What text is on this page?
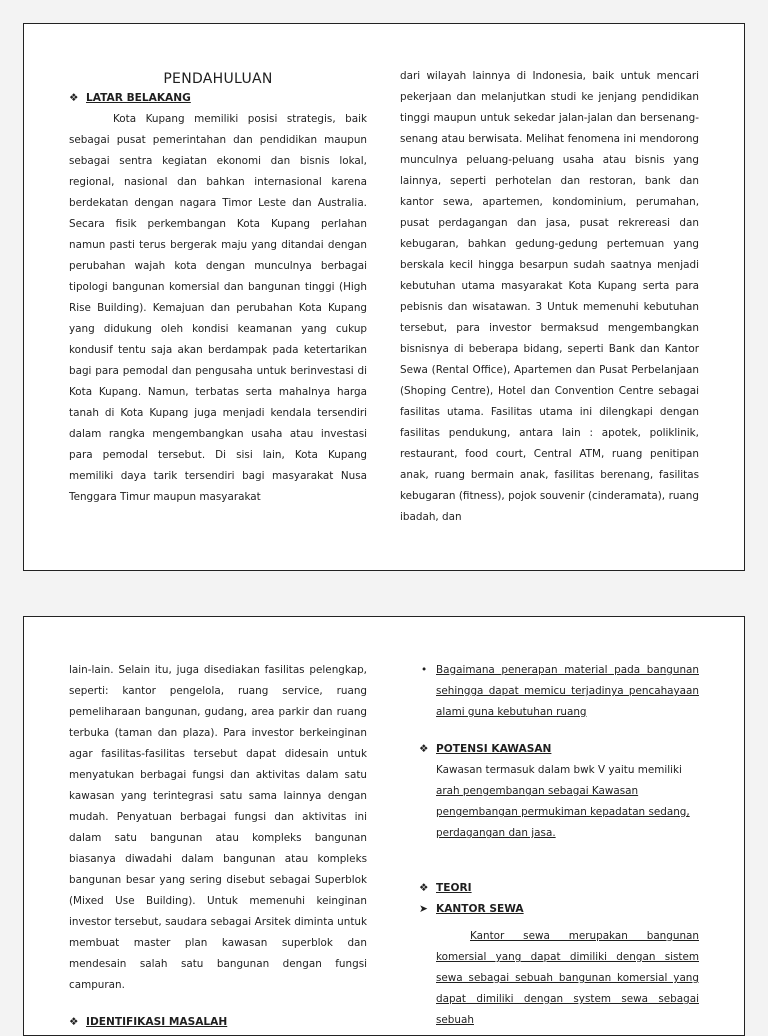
PENDAHULUAN

❖ LATAR BELAKANG

Kota Kupang memiliki posisi strategis, baik sebagai pusat pemerintahan dan pendidikan maupun sebagai sentra kegiatan ekonomi dan bisnis lokal, regional, nasional dan bahkan internasional karena berdekatan dengan nagara Timor Leste dan Australia. Secara fisik perkembangan Kota Kupang perlahan namun pasti terus bergerak maju yang ditandai dengan perubahan wajah kota dengan munculnya berbagai tipologi bangunan komersial dan bangunan tinggi (High Rise Building). Kemajuan dan perubahan Kota Kupang yang didukung oleh kondisi keamanan yang cukup kondusif tentu saja akan berdampak pada ketertarikan bagi para pemodal dan pengusaha untuk berinvestasi di Kota Kupang. Namun, terbatas serta mahalnya harga tanah di Kota Kupang juga menjadi kendala tersendiri dalam rangka mengembangkan usaha atau investasi para pemodal tersebut. Di sisi lain, Kota Kupang memiliki daya tarik tersendiri bagi masyarakat Nusa Tenggara Timur maupun masyarakat

dari wilayah lainnya di Indonesia, baik untuk mencari pekerjaan dan melanjutkan studi ke jenjang pendidikan tinggi maupun untuk sekedar jalan-jalan dan bersenang-senang atau berwisata. Melihat fenomena ini mendorong munculnya peluang-peluang usaha atau bisnis yang lainnya, seperti perhotelan dan restoran, bank dan kantor sewa, apartemen, kondominium, perumahan, pusat perdagangan dan jasa, pusat rekrereasi dan kebugaran, bahkan gedung-gedung pertemuan yang berskala kecil hingga besarpun sudah saatnya menjadi kebutuhan utama masyarakat Kota Kupang serta para pebisnis dan wisatawan. 3 Untuk memenuhi kebutuhan tersebut, para investor bermaksud mengembangkan bisnisnya di beberapa bidang, seperti Bank dan Kantor Sewa (Rental Office), Apartemen dan Pusat Perbelanjaan (Shoping Centre), Hotel dan Convention Centre sebagai fasilitas utama. Fasilitas utama ini dilengkapi dengan fasilitas pendukung, antara lain : apotek, poliklinik, restaurant, food court, Central ATM, ruang penitipan anak, ruang bermain anak, fasilitas berenang, fasilitas kebugaran (fitness), pojok souvenir (cinderamata), ruang ibadah, dan

lain-lain. Selain itu, juga disediakan fasilitas pelengkap, seperti: kantor pengelola, ruang service, ruang pemeliharaan bangunan, gudang, area parkir dan ruang terbuka (taman dan plaza). Para investor berkeinginan agar fasilitas-fasilitas tersebut dapat didesain untuk menyatukan berbagai fungsi dan aktivitas dalam satu kawasan yang terintegrasi satu sama lainnya dengan mudah. Penyatuan berbagai fungsi dan aktivitas ini dalam satu bangunan atau kompleks bangunan biasanya diwadahi dalam bangunan atau kompleks bangunan besar yang sering disebut sebagai Superblok (Mixed Use Building). Untuk memenuhi keinginan investor tersebut, saudara sebagai Arsitek diminta untuk membuat master plan kawasan superblok dan mendesain salah satu bangunan dengan fungsi campuran.

❖ IDENTIFIKASI MASALAH

• Bagaimana penerapan material pada bangunan sehingga dapat memicu terjadinya pencahayaan alami guna kebutuhan ruang

❖ POTENSI KAWASAN

Kawasan termasuk dalam bwk V yaitu memiliki
arah pengembangan sebagai Kawasan pengembangan permukiman kepadatan sedang, perdagangan dan jasa.

❖ TEORI

➤ KANTOR SEWA

Kantor sewa merupakan bangunan komersial yang dapat dimiliki dengan sistem sewa sebagai sebuah bangunan komersial yang dapat dimiliki dengan system sewa sebagai sebuah
